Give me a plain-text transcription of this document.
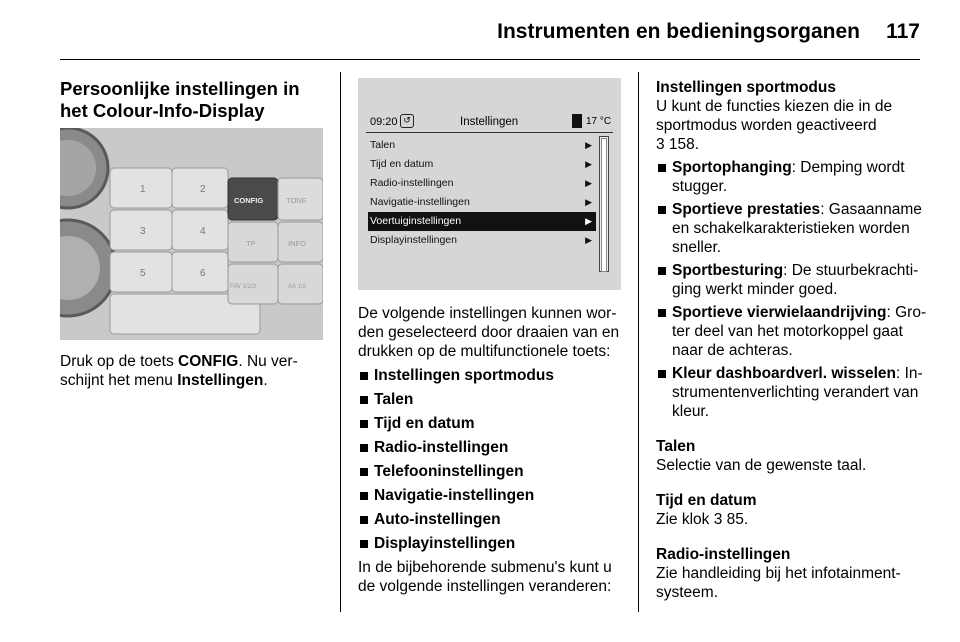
Instrumenten en bedieningsorganen 117
Persoonlijke instellingen in het Colour-Info-Display
1	2
3	4
5	6
CONFIG	TONE
TP	INFO
FAV 1/2/3	AS 1/2

Druk op de toets CONFIG. Nu ver-schijnt het menu Instellingen.

09:20 ↺	Instellingen	17 °C
Talen	▶
Tijd en datum	▶
Radio-instellingen	▶
Navigatie-instellingen	▶
Voertuiginstellingen	▶
Displayinstellingen	▶

De volgende instellingen kunnen wor-den geselecteerd door draaien van en drukken op de multifunctionele toets:

Instellingen sportmodus
Talen
Tijd en datum
Radio-instellingen
Telefooninstellingen
Navigatie-instellingen
Auto-instellingen
Displayinstellingen

In de bijbehorende submenu's kunt u de volgende instellingen veranderen:

Instellingen sportmodus

U kunt de functies kiezen die in de sportmodus worden geactiveerd
3 158.

Sportophanging: Demping wordt stugger.
Sportieve prestaties: Gasaanname en schakelkarakteristieken worden sneller.
Sportbesturing: De stuurbekrachti-ging werkt minder goed.
Sportieve vierwielaandrijving: Gro-ter deel van het motorkoppel gaat naar de achteras.
Kleur dashboardverl. wisselen: In-strumentenverlichting verandert van kleur.

Talen

Selectie van de gewenste taal.

Tijd en datum

Zie klok 3 85.

Radio-instellingen

Zie handleiding bij het infotainment-systeem.
